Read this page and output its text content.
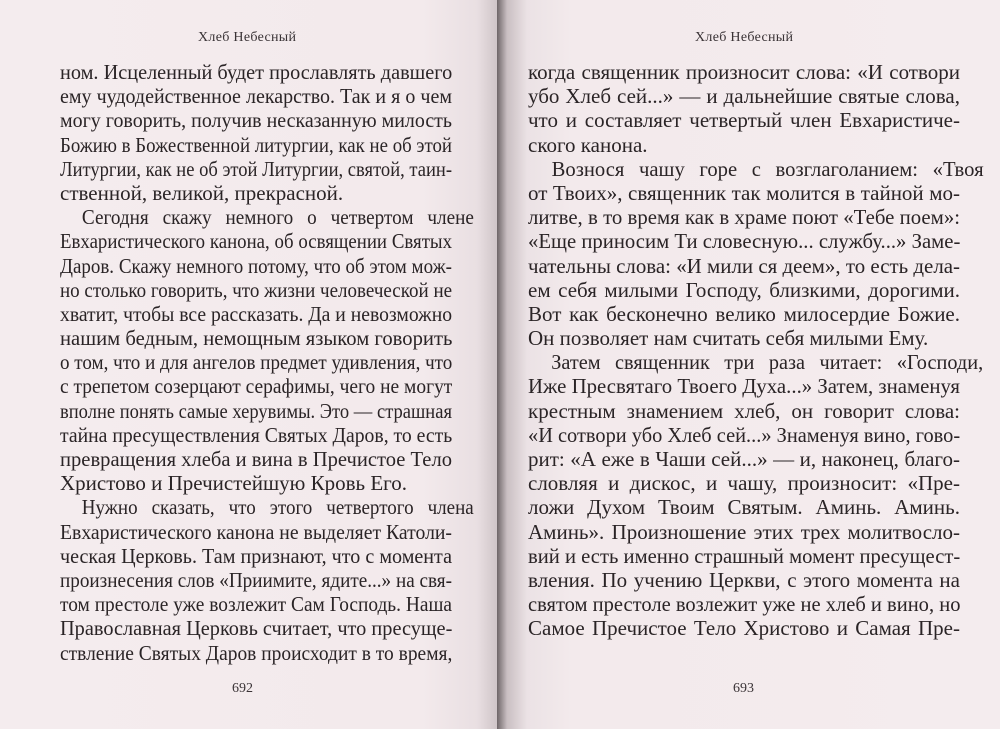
Хлеб Небесный
ном. Исцеленный будет прославлять давшего
ему чудодейственное лекарство. Так и я о чем
могу говорить, получив несказанную милость
Божию в Божественной литургии, как не об этой
Литургии, как не об этой Литургии, святой, таин-
ственной, великой, прекрасной.
Сегодня скажу немного о четвертом члене
Евхаристического канона, об освящении Святых
Даров. Скажу немного потому, что об этом мож-
но столько говорить, что жизни человеческой не
хватит, чтобы все рассказать. Да и невозможно
нашим бедным, немощным языком говорить
о том, что и для ангелов предмет удивления, что
с трепетом созерцают серафимы, чего не могут
вполне понять самые херувимы. Это — страшная
тайна пресуществления Святых Даров, то есть
превращения хлеба и вина в Пречистое Тело
Христово и Пречистейшую Кровь Его.
Нужно сказать, что этого четвертого члена
Евхаристического канона не выделяет Католи-
ческая Церковь. Там признают, что с момента
произнесения слов «Приимите, ядите...» на свя-
том престоле уже возлежит Сам Господь. Наша
Православная Церковь считает, что пресуще-
ствление Святых Даров происходит в то время,
692
Хлеб Небесный
когда священник произносит слова: «И сотвори
убо Хлеб сей...» — и дальнейшие святые слова,
что и составляет четвертый член Евхаристиче-
ского канона.
Вознося чашу горе с возглаголанием: «Твоя
от Твоих», священник так молится в тайной мо-
литве, в то время как в храме поют «Тебе поем»:
«Еще приносим Ти словесную... службу...» Заме-
чательны слова: «И мили ся деем», то есть дела-
ем себя милыми Господу, близкими, дорогими.
Вот как бесконечно велико милосердие Божие.
Он позволяет нам считать себя милыми Ему.
Затем священник три раза читает: «Господи,
Иже Пресвятаго Твоего Духа...» Затем, знаменуя
крестным знамением хлеб, он говорит слова:
«И сотвори убо Хлеб сей...» Знаменуя вино, гово-
рит: «А еже в Чаши сей...» — и, наконец, благо-
словляя и дискос, и чашу, произносит: «Пре-
ложи Духом Твоим Святым. Аминь. Аминь.
Аминь». Произношение этих трех молитвосло-
вий и есть именно страшный момент пресущест-
вления. По учению Церкви, с этого момента на
святом престоле возлежит уже не хлеб и вино, но
Самое Пречистое Тело Христово и Самая Пре-
693
